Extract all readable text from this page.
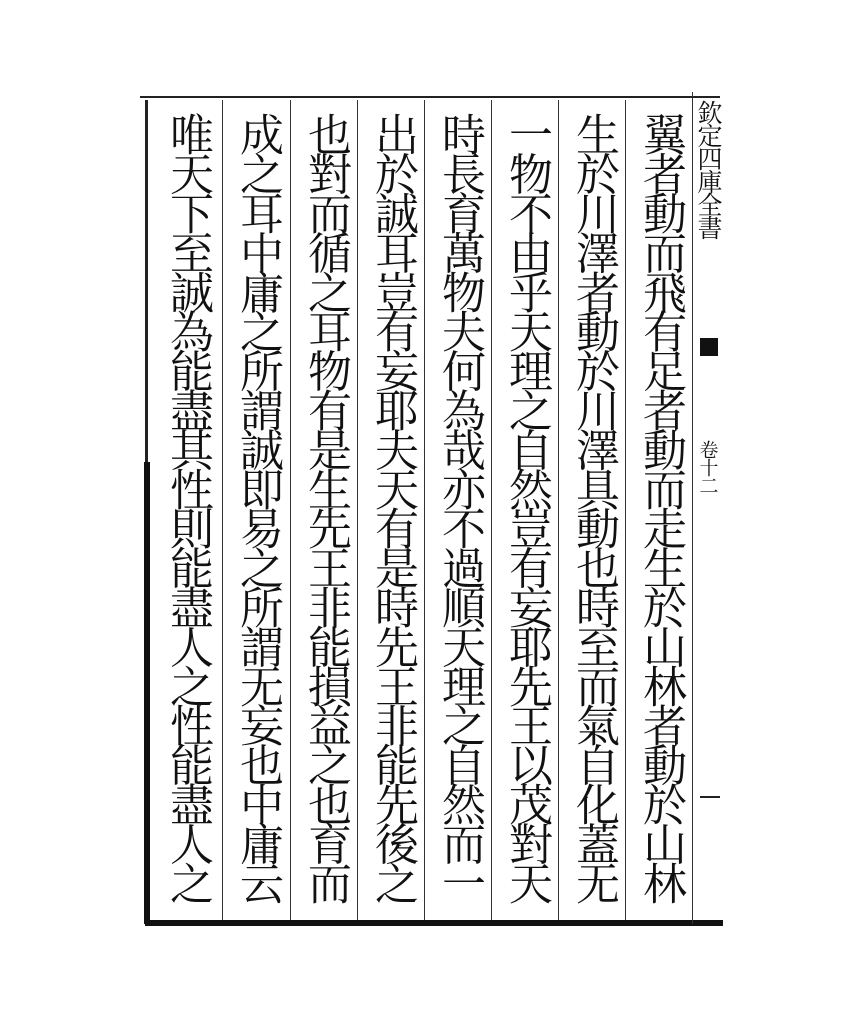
欽定四庫全書
卷十二
翼者動而飛有足者動而走生於山林者動於山林
生於川澤者動於川澤具動也時至而氣自化蓋无
一物不由乎天理之自然豈有妄耶先王以茂對天
時長育萬物夫何為哉亦不過順天理之自然而一
出於誠耳豈有妄耶夫天有是時先王非能先後之
也對而循之耳物有是生先王非能損益之也育而
成之耳中庸之所謂誠即易之所謂无妄也中庸云
唯天下至誠為能盡其性則能盡人之性能盡人之
